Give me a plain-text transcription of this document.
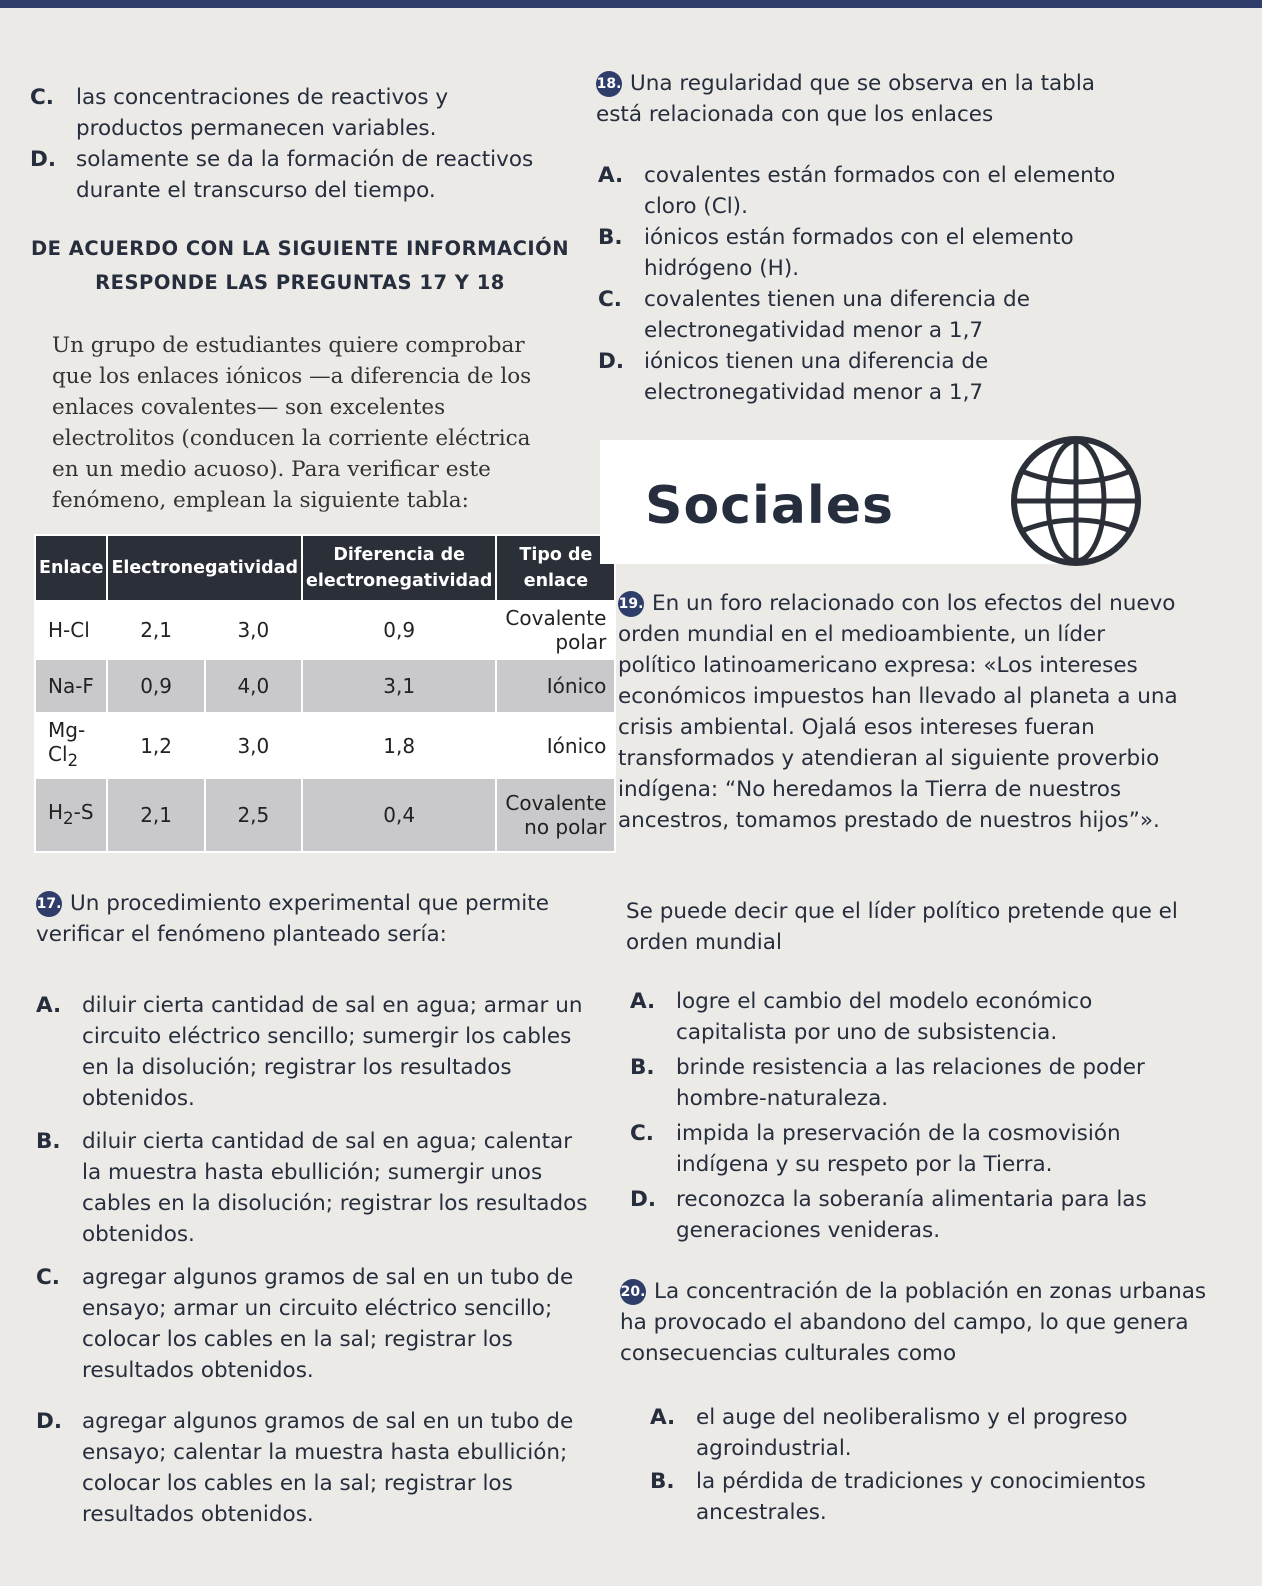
C.	las concentraciones de reactivos y productos permanecen variables.
D. solamente se da la formación de reactivos durante el transcurso del tiempo.
DE ACUERDO CON LA SIGUIENTE INFORMACIÓN
RESPONDE LAS PREGUNTAS 17 Y 18
Un grupo de estudiantes quiere comprobar que los enlaces iónicos —a diferencia de los enlaces covalentes— son excelentes electrolitos (conducen la corriente eléctrica en un medio acuoso). Para verificar este fenómeno, emplean la siguiente tabla:
Enlace	Electronegatividad		Diferencia de electronegatividad	Tipo de enlace
H-Cl	2,1	3,0	0,9	Covalente polar
Na-F	0,9	4,0	3,1	Iónico
$Mg-Cl_2$	1,2	3,0	1,8	Iónico
$H_2-S$	2,1	2,5	0,4	Covalente no polar
17. Un procedimiento experimental que permite verificar el fenómeno planteado sería:
A. diluir cierta cantidad de sal en agua; armar un circuito eléctrico sencillo; sumergir los cables en la disolución; registrar los resultados obtenidos.
B. diluir cierta cantidad de sal en agua; calentar la muestra hasta ebullición; sumergir unos cables en la disolución; registrar los resultados obtenidos.
C.	agregar algunos gramos de sal en un tubo de ensayo; armar un circuito eléctrico sencillo; colocar los cables en la sal; registrar los resultados obtenidos.
D. agregar algunos gramos de sal en un tubo de ensayo; calentar la muestra hasta ebullición; colocar los cables en la sal; registrar los resultados obtenidos.
18. Una regularidad que se observa en la tabla está relacionada con que los enlaces
A. covalentes están formados con el elemento cloro (Cl).
B. iónicos están formados con el elemento hidrógeno (H).
C.	covalentes tienen una diferencia de electronegatividad menor a 1,7
D. iónicos tienen una diferencia de electronegatividad menor a 1,7
Sociales
19. En un foro relacionado con los efectos del nuevo orden mundial en el medioambiente, un líder político latinoamericano expresa: «Los intereses económicos impuestos han llevado al planeta a una crisis ambiental. Ojalá esos intereses fueran transformados y atendieran al siguiente proverbio indígena: “No heredamos la Tierra de nuestros ancestros, tomamos prestado de nuestros hijos”».
Se puede decir que el líder político pretende que el orden mundial
A. logre el cambio del modelo económico capitalista por uno de subsistencia.
B. brinde resistencia a las relaciones de poder hombre-naturaleza.
C.	impida la preservación de la cosmovisión indígena y su respeto por la Tierra.
D. reconozca la soberanía alimentaria para las generaciones venideras.
20. La concentración de la población en zonas urbanas ha provocado el abandono del campo, lo que genera consecuencias culturales como
A. el auge del neoliberalismo y el progreso agroindustrial.
B. la pérdida de tradiciones y conocimientos ancestrales.
